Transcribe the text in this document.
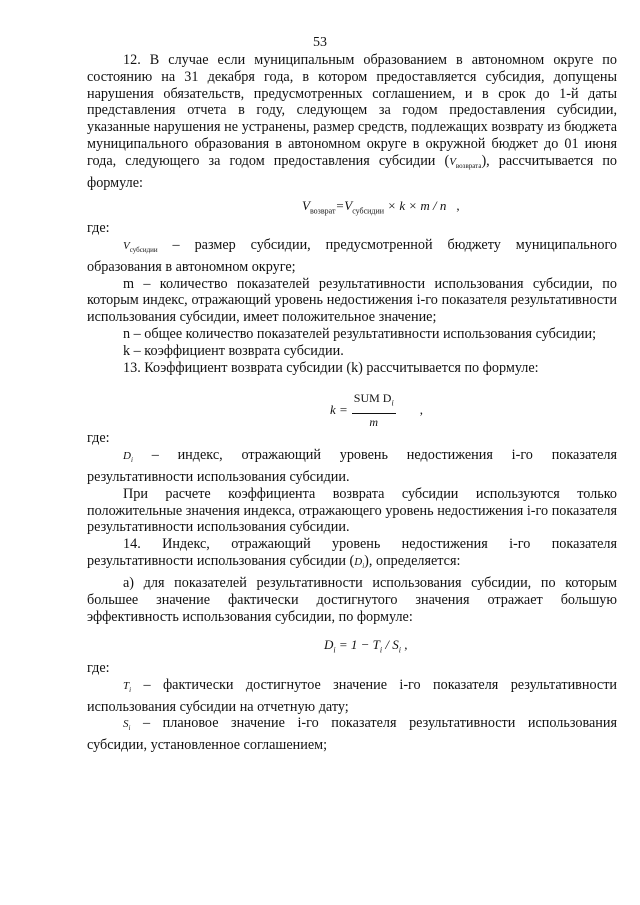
53

12. В случае если муниципальным образованием в автономном округе по состоянию на 31 декабря года, в котором предоставляется субсидия, допущены нарушения обязательств, предусмотренных соглашением, и в срок до 1-й даты представления отчета в году, следующем за годом предоставления субсидии, указанные нарушения не устранены, размер средств, подлежащих возврату из бюджета муниципального образования в автономном округе в окружной бюджет до 01 июня года, следующего за годом предоставления субсидии $(V_{возврата})$, рассчитывается по формуле:

$V_{возврат}=V_{субсидии} \times k \times m / n$ ,

где:

$V_{субсидии}$ – размер субсидии, предусмотренной бюджету муниципального образования в автономном округе;

m – количество показателей результативности использования субсидии, по которым индекс, отражающий уровень недостижения i-го показателя результативности использования субсидии, имеет положительное значение;

n – общее количество показателей результативности использования субсидии;

k – коэффициент возврата субсидии.

13. Коэффициент возврата субсидии (k) рассчитывается по формуле:

$k = \frac{SUM D_i}{m}$ ,

где:

$D_i$ – индекс, отражающий уровень недостижения i-го показателя результативности использования субсидии.

При расчете коэффициента возврата субсидии используются только положительные значения индекса, отражающего уровень недостижения i-го показателя результативности использования субсидии.

14. Индекс, отражающий уровень недостижения i-го показателя результативности использования субсидии $(D_i)$, определяется:

а) для показателей результативности использования субсидии, по которым большее значение фактически достигнутого значения отражает большую эффективность использования субсидии, по формуле:

$D_i = 1 - T_i / S_i$ ,

где:

$T_i$ – фактически достигнутое значение i-го показателя результативности использования субсидии на отчетную дату;

$S_i$ – плановое значение i-го показателя результативности использования субсидии, установленное соглашением;
